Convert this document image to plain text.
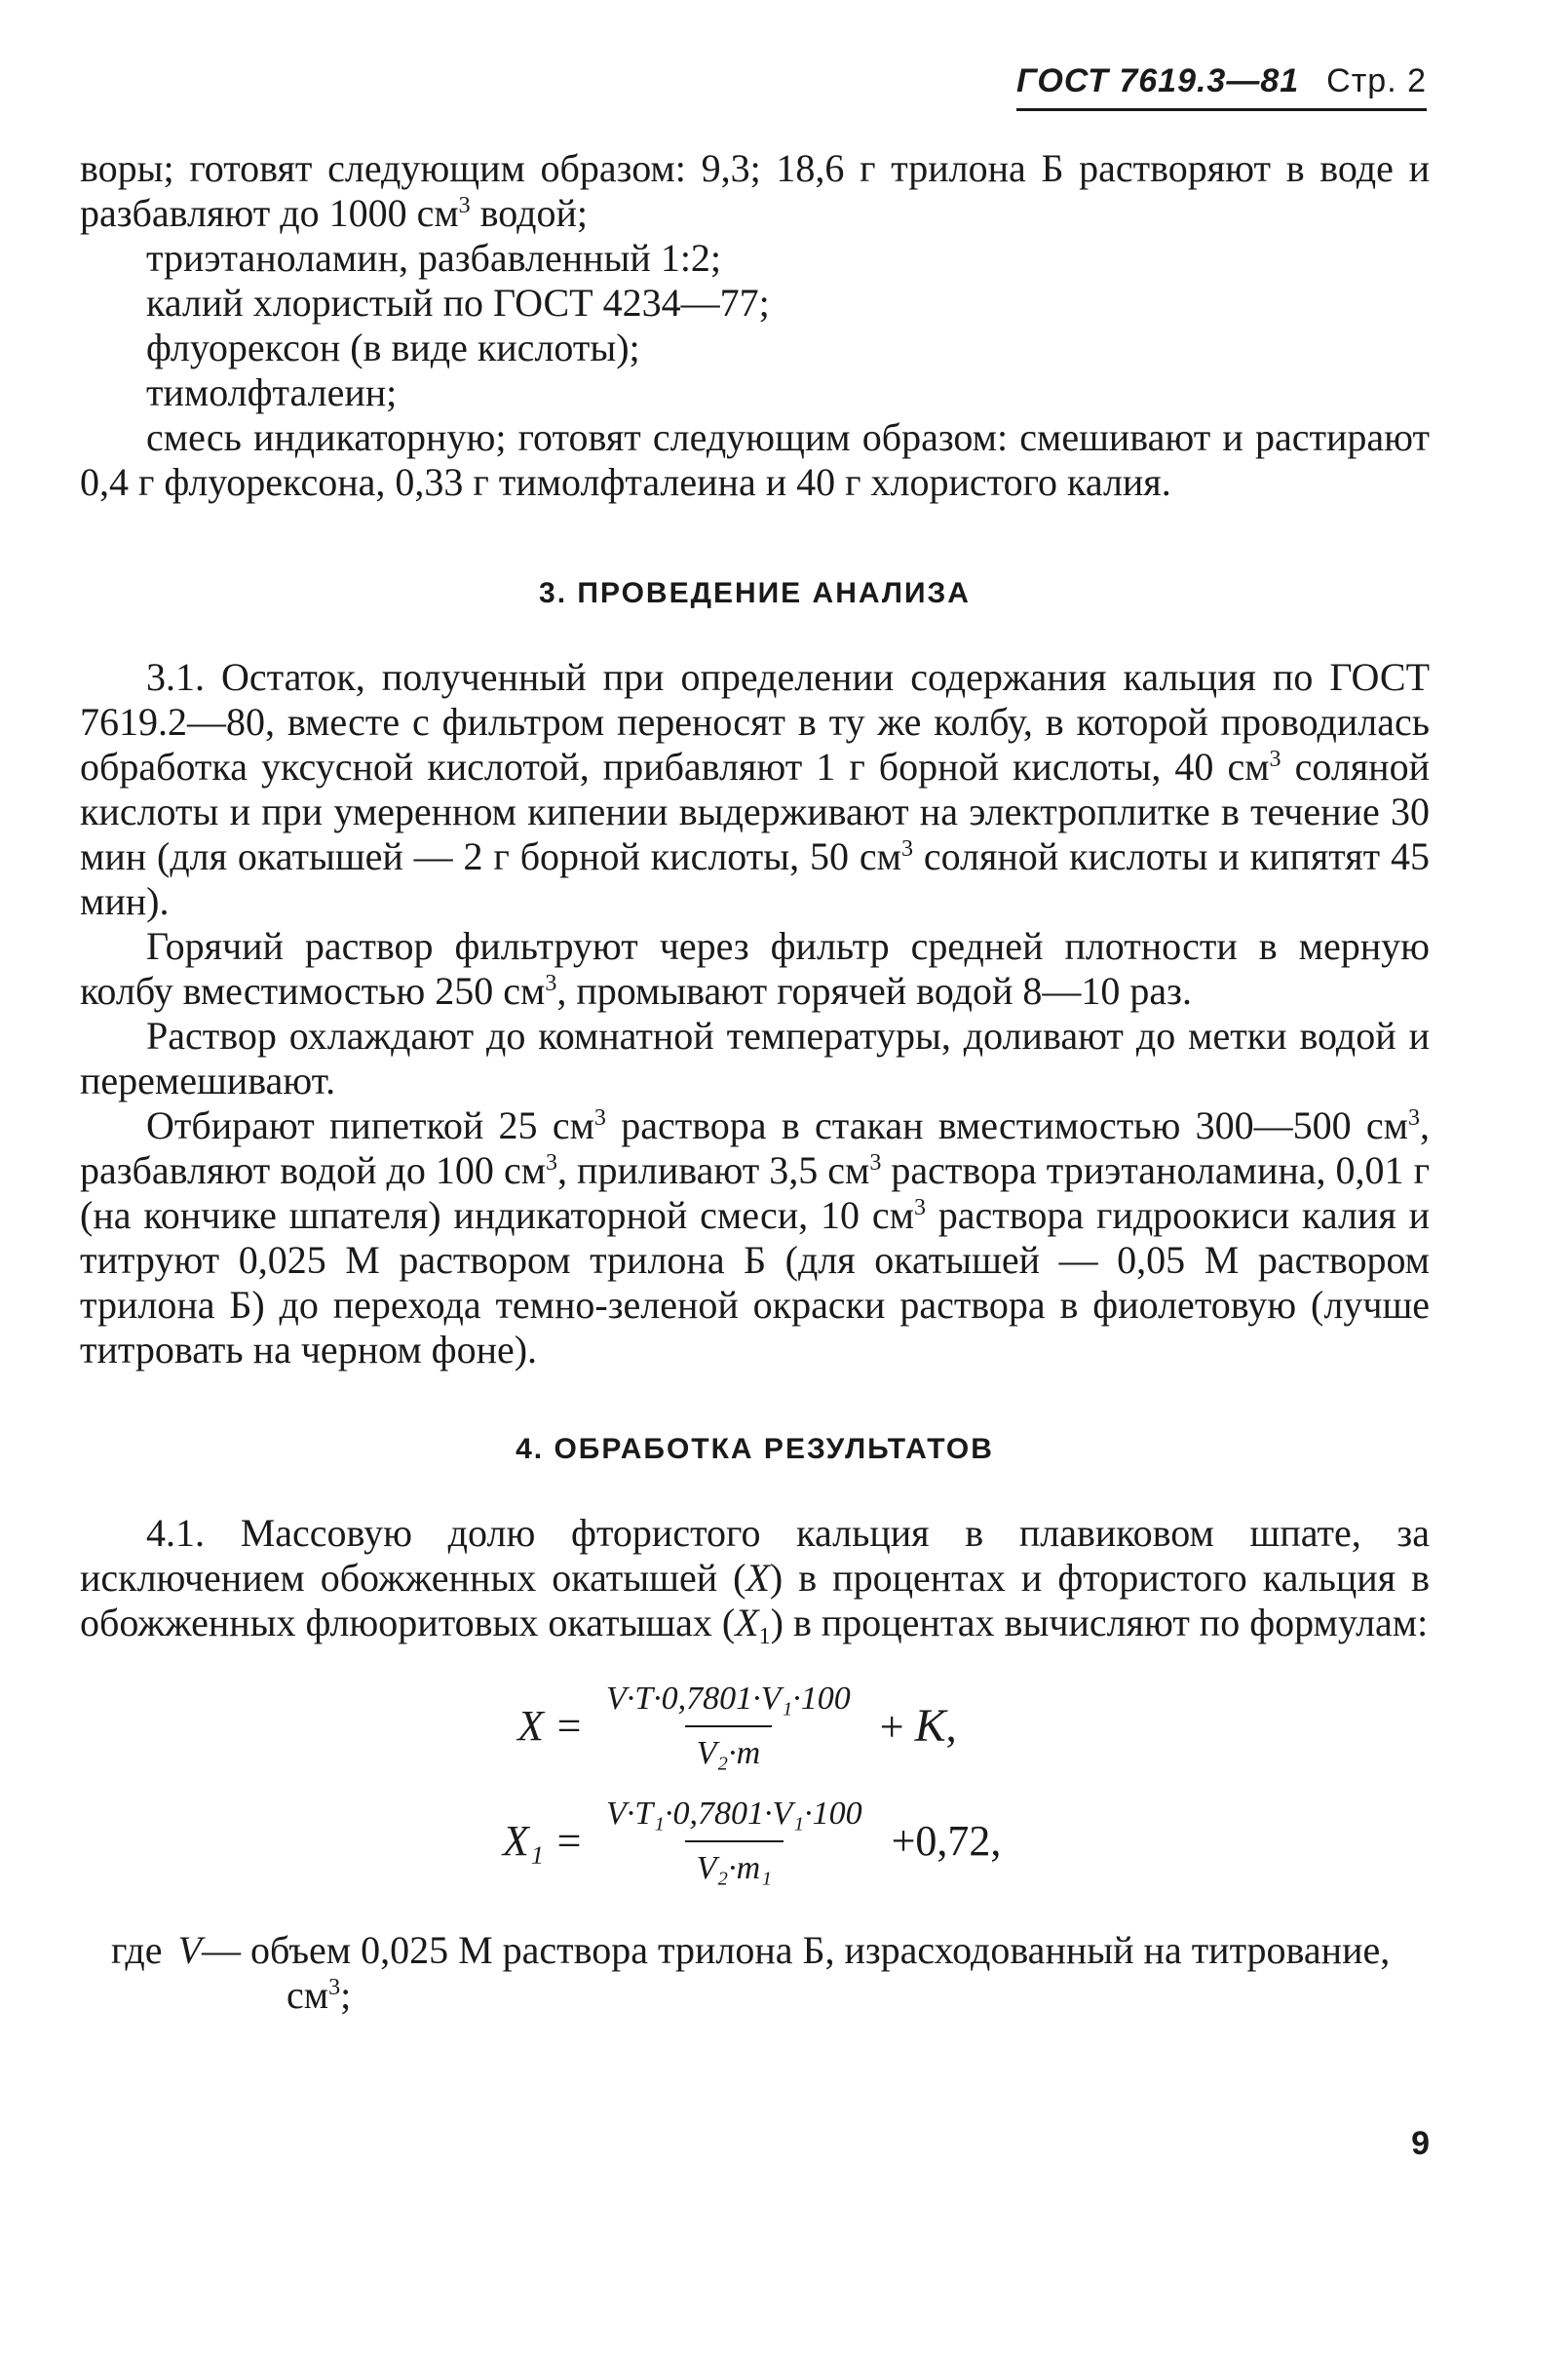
ГОСТ 7619.3—81 Стр. 2

воры; готовят следующим образом: 9,3; 18,6 г трилона Б растворяют в воде и разбавляют до 1000 $см^3$ водой;

триэтаноламин, разбавленный 1:2;

калий хлористый по ГОСТ 4234—77;

флуорексон (в виде кислоты);

тимолфталеин;

смесь индикаторную; готовят следующим образом: смешивают и растирают 0,4 г флуорексона, 0,33 г тимолфталеина и 40 г хлористого калия.

3. ПРОВЕДЕНИЕ АНАЛИЗА

3.1. Остаток, полученный при определении содержания кальция по ГОСТ 7619.2—80, вместе с фильтром переносят в ту же колбу, в которой проводилась обработка уксусной кислотой, прибавляют 1 г борной кислоты, 40 $см^3$ соляной кислоты и при умеренном кипении выдерживают на электроплитке в течение 30 мин (для окатышей — 2 г борной кислоты, 50 $см^3$ соляной кислоты и кипятят 45 мин).

Горячий раствор фильтруют через фильтр средней плотности в мерную колбу вместимостью 250 $см^3$, промывают горячей водой 8—10 раз.

Раствор охлаждают до комнатной температуры, доливают до метки водой и перемешивают.

Отбирают пипеткой 25 $см^3$ раствора в стакан вместимостью 300—500 $см^3$, разбавляют водой до 100 $см^3$, приливают 3,5 $см^3$ раствора триэтаноламина, 0,01 г (на кончике шпателя) индикаторной смеси, 10 $см^3$ раствора гидроокиси калия и титруют 0,025 М раствором трилона Б (для окатышей — 0,05 М раствором трилона Б) до перехода темно-зеленой окраски раствора в фиолетовую (лучше титровать на черном фоне).

4. ОБРАБОТКА РЕЗУЛЬТАТОВ

4.1. Массовую долю фтористого кальция в плавиковом шпате, за исключением обожженных окатышей (X) в процентах и фтористого кальция в обожженных флюоритовых окатышах $(X_1)$ в процентах вычисляют по формулам:

$X = \frac{\text{V·T·0,7801·V₁·100}}{\text{V₂·m}} + K$,
$X_1 = \frac{\text{V·T₁·0,7801·V₁·100}}{\text{V₂·m₁}} +0,72$,

где V— объем 0,025 М раствора трилона Б, израсходованный на титрование, $см^3$;

9
